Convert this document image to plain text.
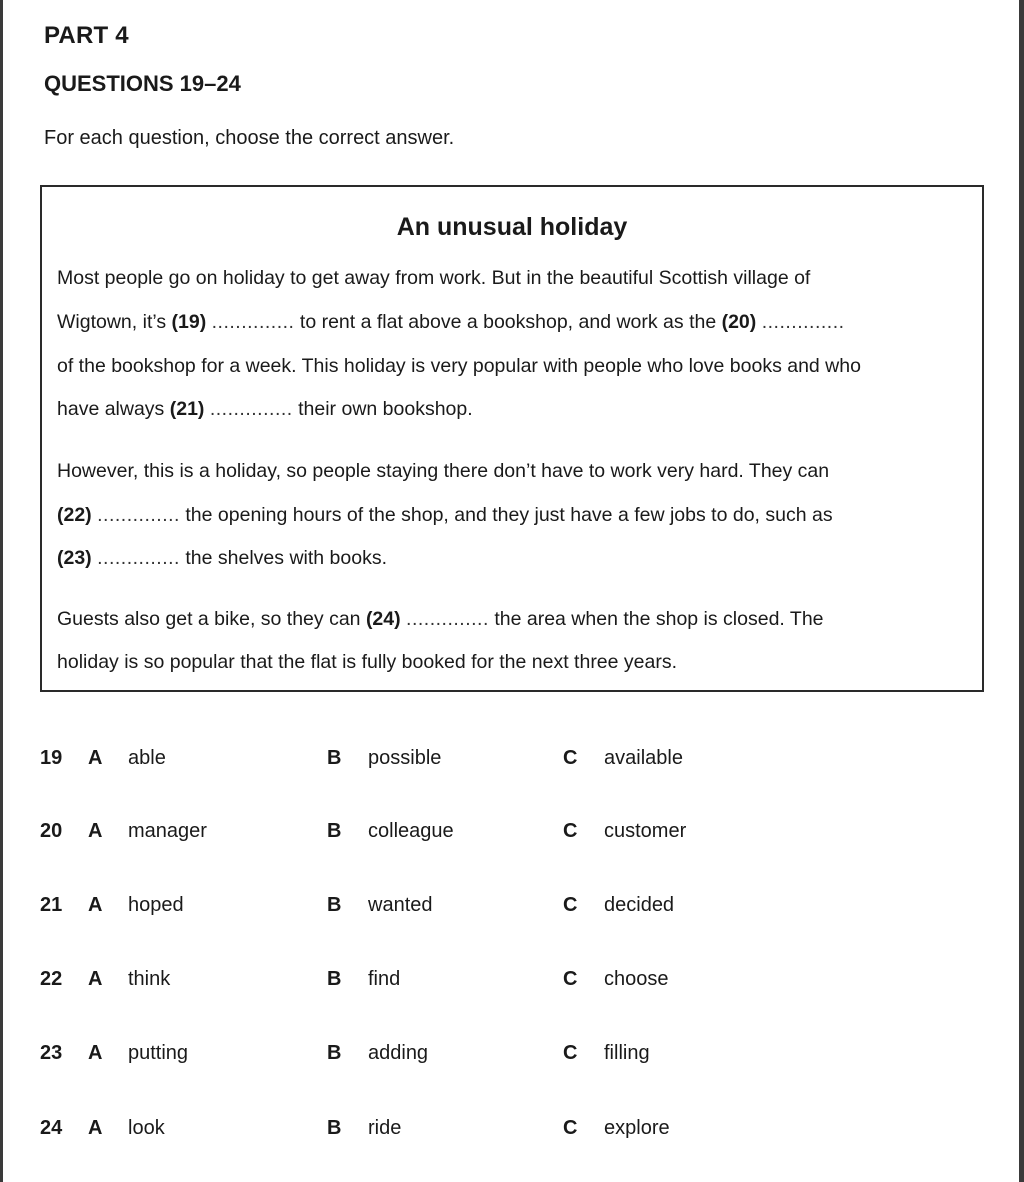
PART 4
QUESTIONS 19–24
For each question, choose the correct answer.
An unusual holiday
Most people go on holiday to get away from work. But in the beautiful Scottish village of
Wigtown, it’s (19) .............. to rent a flat above a bookshop, and work as the (20) ..............
of the bookshop for a week. This holiday is very popular with people who love books and who
have always (21) .............. their own bookshop.
However, this is a holiday, so people staying there don’t have to work very hard. They can
(22) .............. the opening hours of the shop, and they just have a few jobs to do, such as
(23) .............. the shelves with books.
Guests also get a bike, so they can (24) .............. the area when the shop is closed. The
holiday is so popular that the flat is fully booked for the next three years.
19 A able	B possible	C available
20 A manager	B colleague	C customer
21 A hoped	B wanted	C decided
22 A think	B find	C choose
23 A putting	B adding	C filling
24 A look	B ride	C explore
